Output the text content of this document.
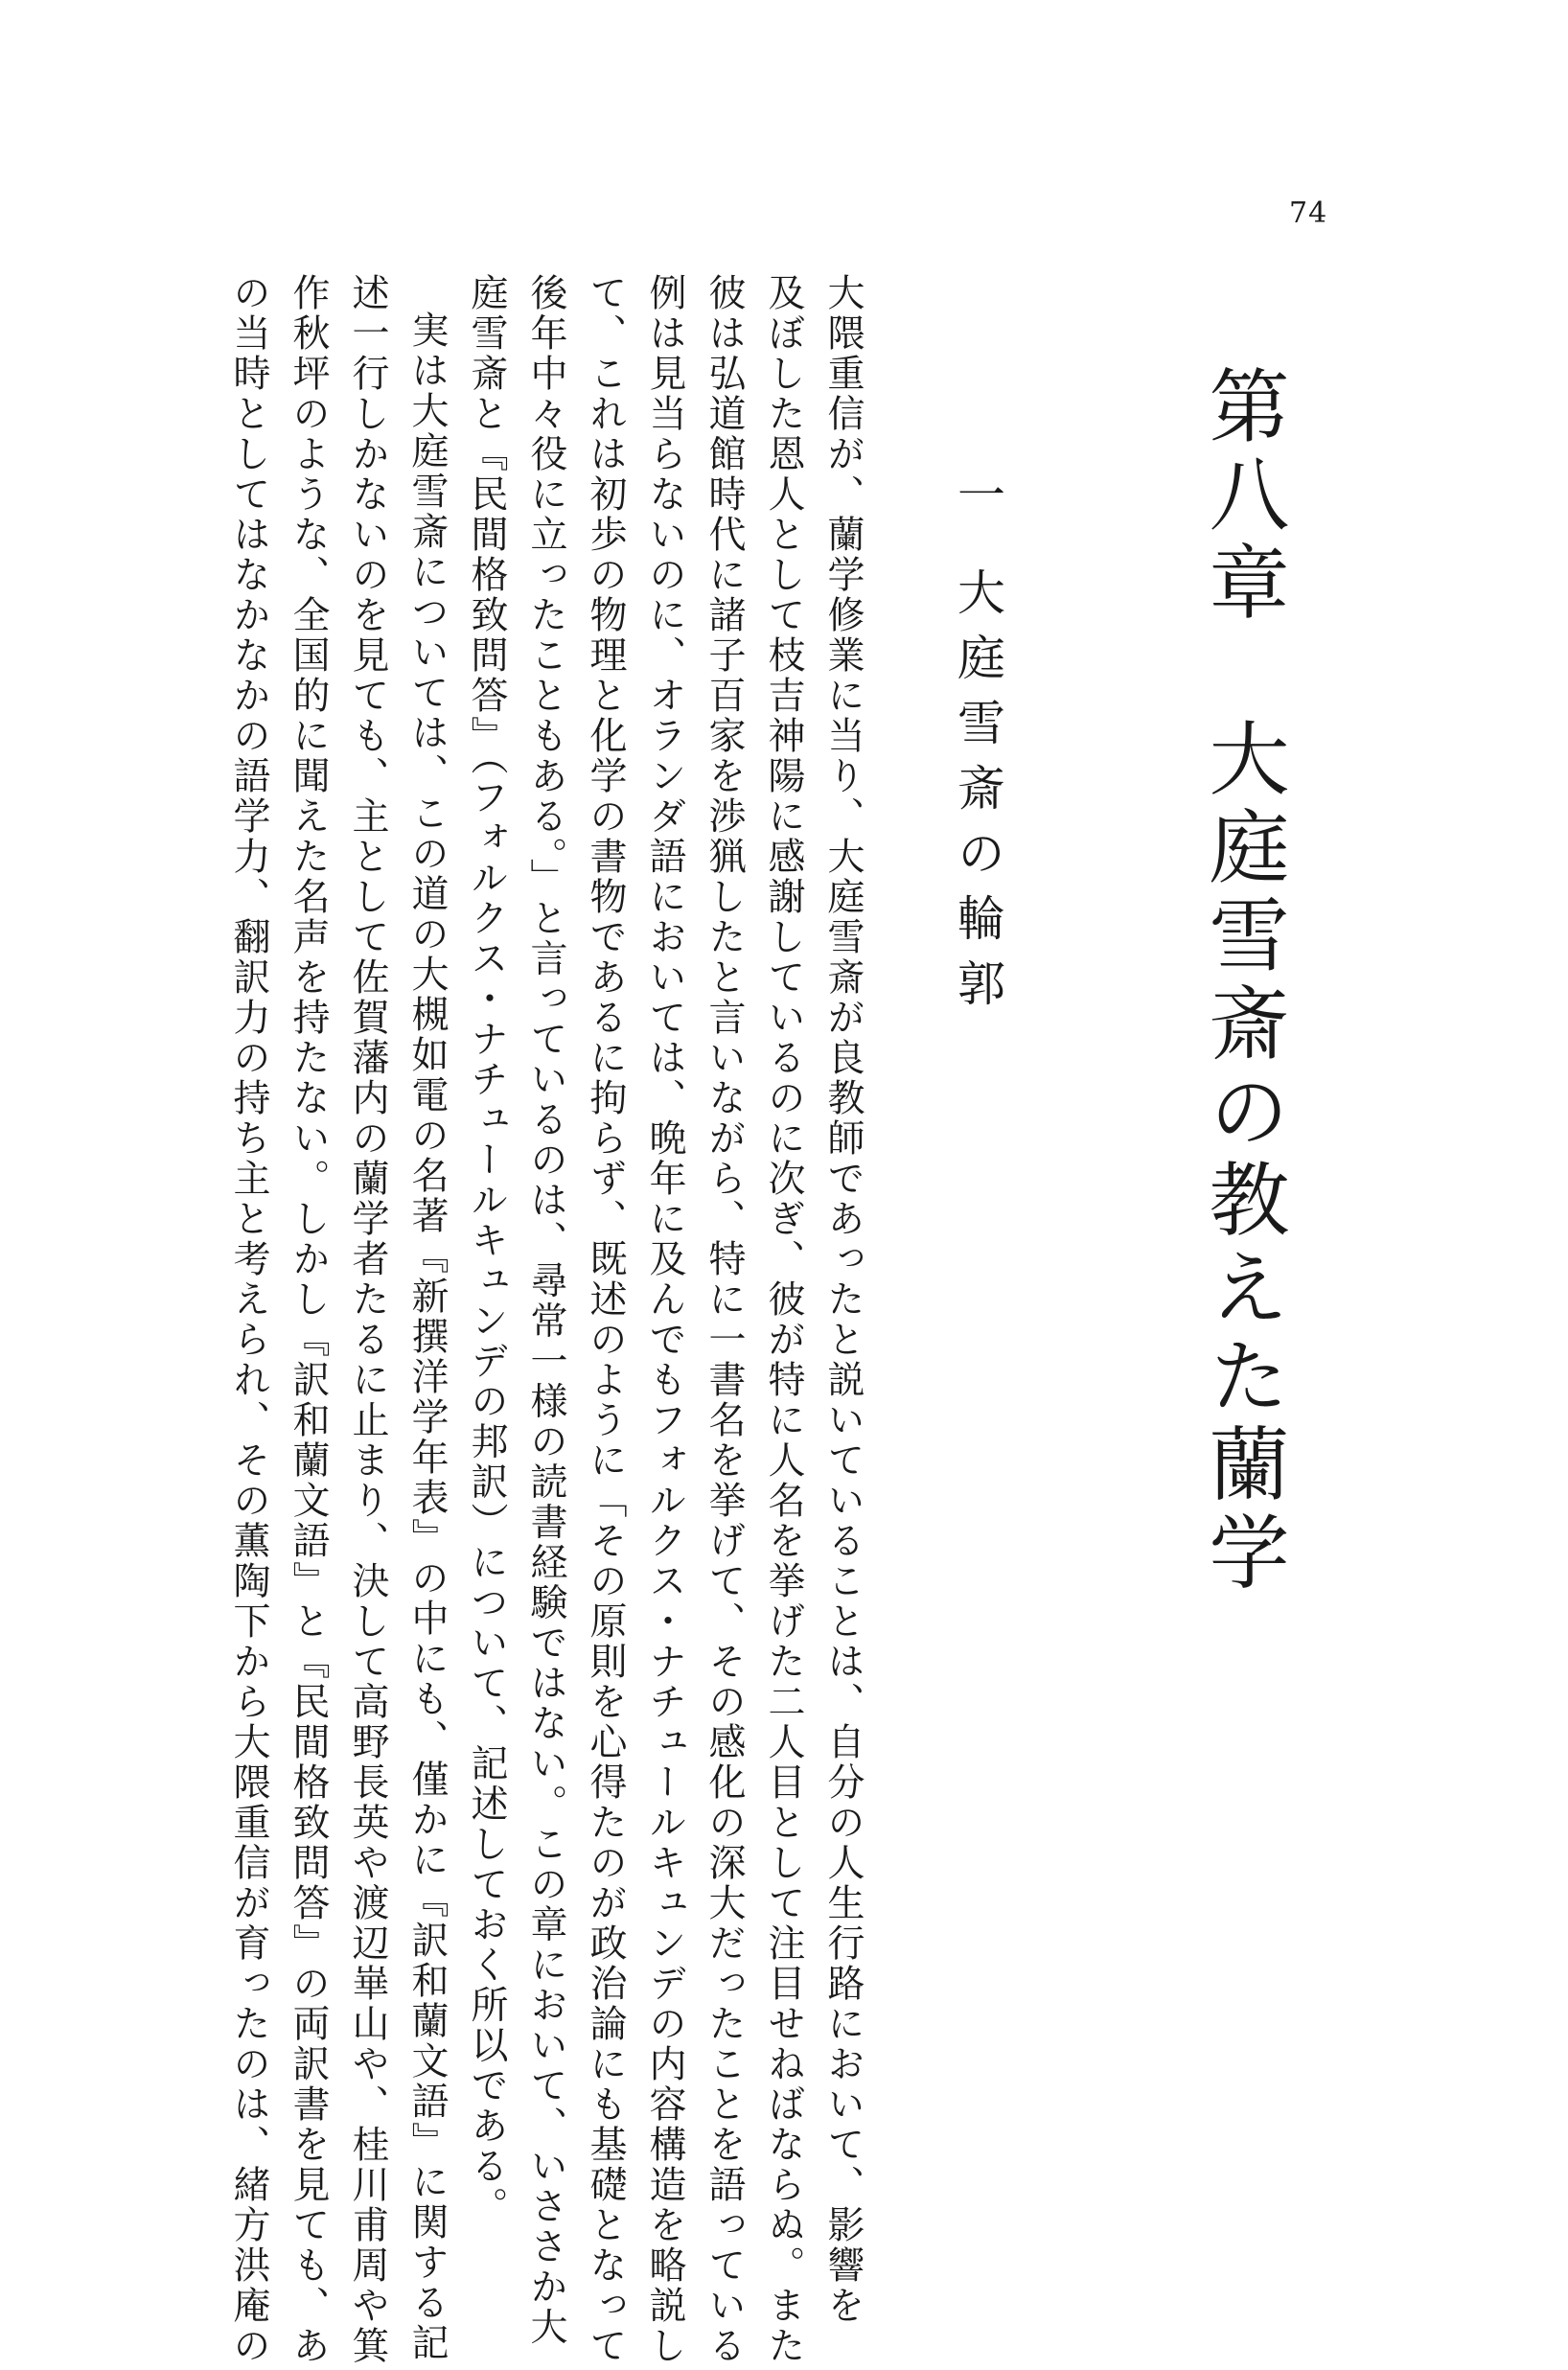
74
第八章　大庭雪斎の教えた蘭学
一大庭雪斎の輪郭

大隈重信が、蘭学修業に当り、大庭雪斎が良教師であったと説いていることは、自分の人生行路において、影響を
及ぼした恩人として枝吉神陽に感謝しているのに次ぎ、彼が特に人名を挙げた二人目として注目せねばならぬ。また
彼は弘道館時代に諸子百家を渉猟したと言いながら、特に一書名を挙げて、その感化の深大だったことを語っている
例は見当らないのに、オランダ語においては、晩年に及んでもフォルクス・ナチュールキュンデの内容構造を略説し
て、これは初歩の物理と化学の書物であるに拘らず、既述のように「その原則を心得たのが政治論にも基礎となって
後年中々役に立ったこともある。」と言っているのは、尋常一様の読書経験ではない。この章において、いささか大
庭雪斎と『民間格致問答』（フォルクス・ナチュールキュンデの邦訳）について、記述しておく所以である。

実は大庭雪斎については、この道の大槻如電の名著『新撰洋学年表』の中にも、僅かに『訳和蘭文語』に関する記
述一行しかないのを見ても、主として佐賀藩内の蘭学者たるに止まり、決して高野長英や渡辺崋山や、桂川甫周や箕
作秋坪のような、全国的に聞えた名声を持たない。しかし『訳和蘭文語』と『民間格致問答』の両訳書を見ても、あ
の当時としてはなかなかの語学力、翻訳力の持ち主と考えられ、その薫陶下から大隈重信が育ったのは、緒方洪庵の
